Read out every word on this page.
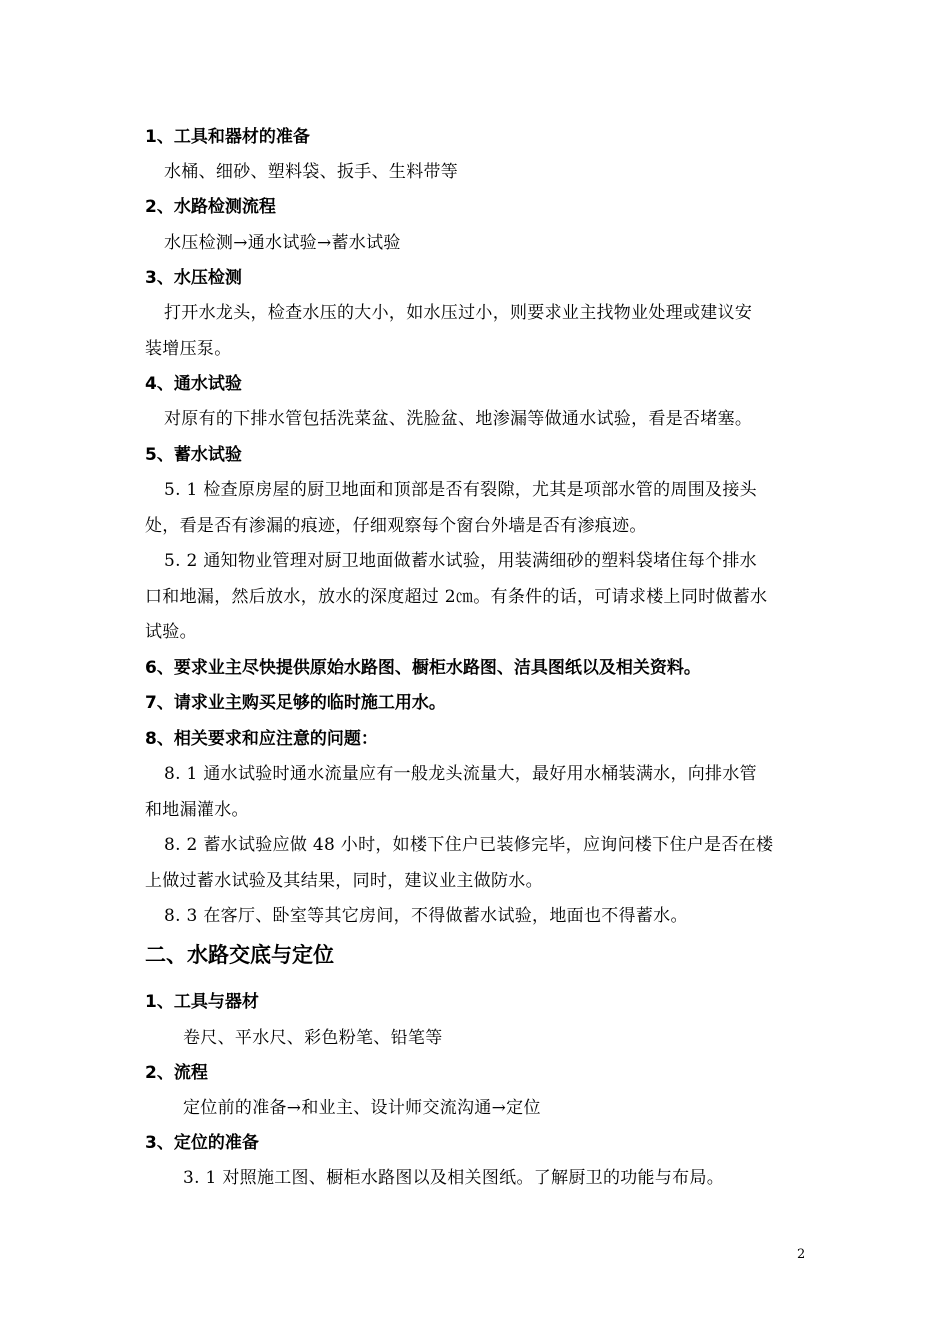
1、工具和器材的准备
水桶、细砂、塑料袋、扳手、生料带等
2、水路检测流程
水压检测→通水试验→蓄水试验
3、水压检测
打开水龙头，检查水压的大小，如水压过小，则要求业主找物业处理或建议安
装增压泵。
4、通水试验
对原有的下排水管包括洗菜盆、洗脸盆、地渗漏等做通水试验，看是否堵塞。
5、蓄水试验
5. 1 检查原房屋的厨卫地面和顶部是否有裂隙，尤其是项部水管的周围及接头
处，看是否有渗漏的痕迹，仔细观察每个窗台外墙是否有渗痕迹。
5. 2 通知物业管理对厨卫地面做蓄水试验，用装满细砂的塑料袋堵住每个排水
口和地漏，然后放水，放水的深度超过 2㎝。有条件的话，可请求楼上同时做蓄水
试验。
6、要求业主尽快提供原始水路图、橱柜水路图、洁具图纸以及相关资料。
7、请求业主购买足够的临时施工用水。
8、相关要求和应注意的问题：
8. 1 通水试验时通水流量应有一般龙头流量大，最好用水桶装满水，向排水管
和地漏灌水。
8. 2 蓄水试验应做 48 小时，如楼下住户已装修完毕，应询问楼下住户是否在楼
上做过蓄水试验及其结果，同时，建议业主做防水。
8. 3 在客厅、卧室等其它房间，不得做蓄水试验，地面也不得蓄水。
二、水路交底与定位
1、工具与器材
卷尺、平水尺、彩色粉笔、铅笔等
2、流程
定位前的准备→和业主、设计师交流沟通→定位
3、定位的准备
3. 1 对照施工图、橱柜水路图以及相关图纸。了解厨卫的功能与布局。
2
